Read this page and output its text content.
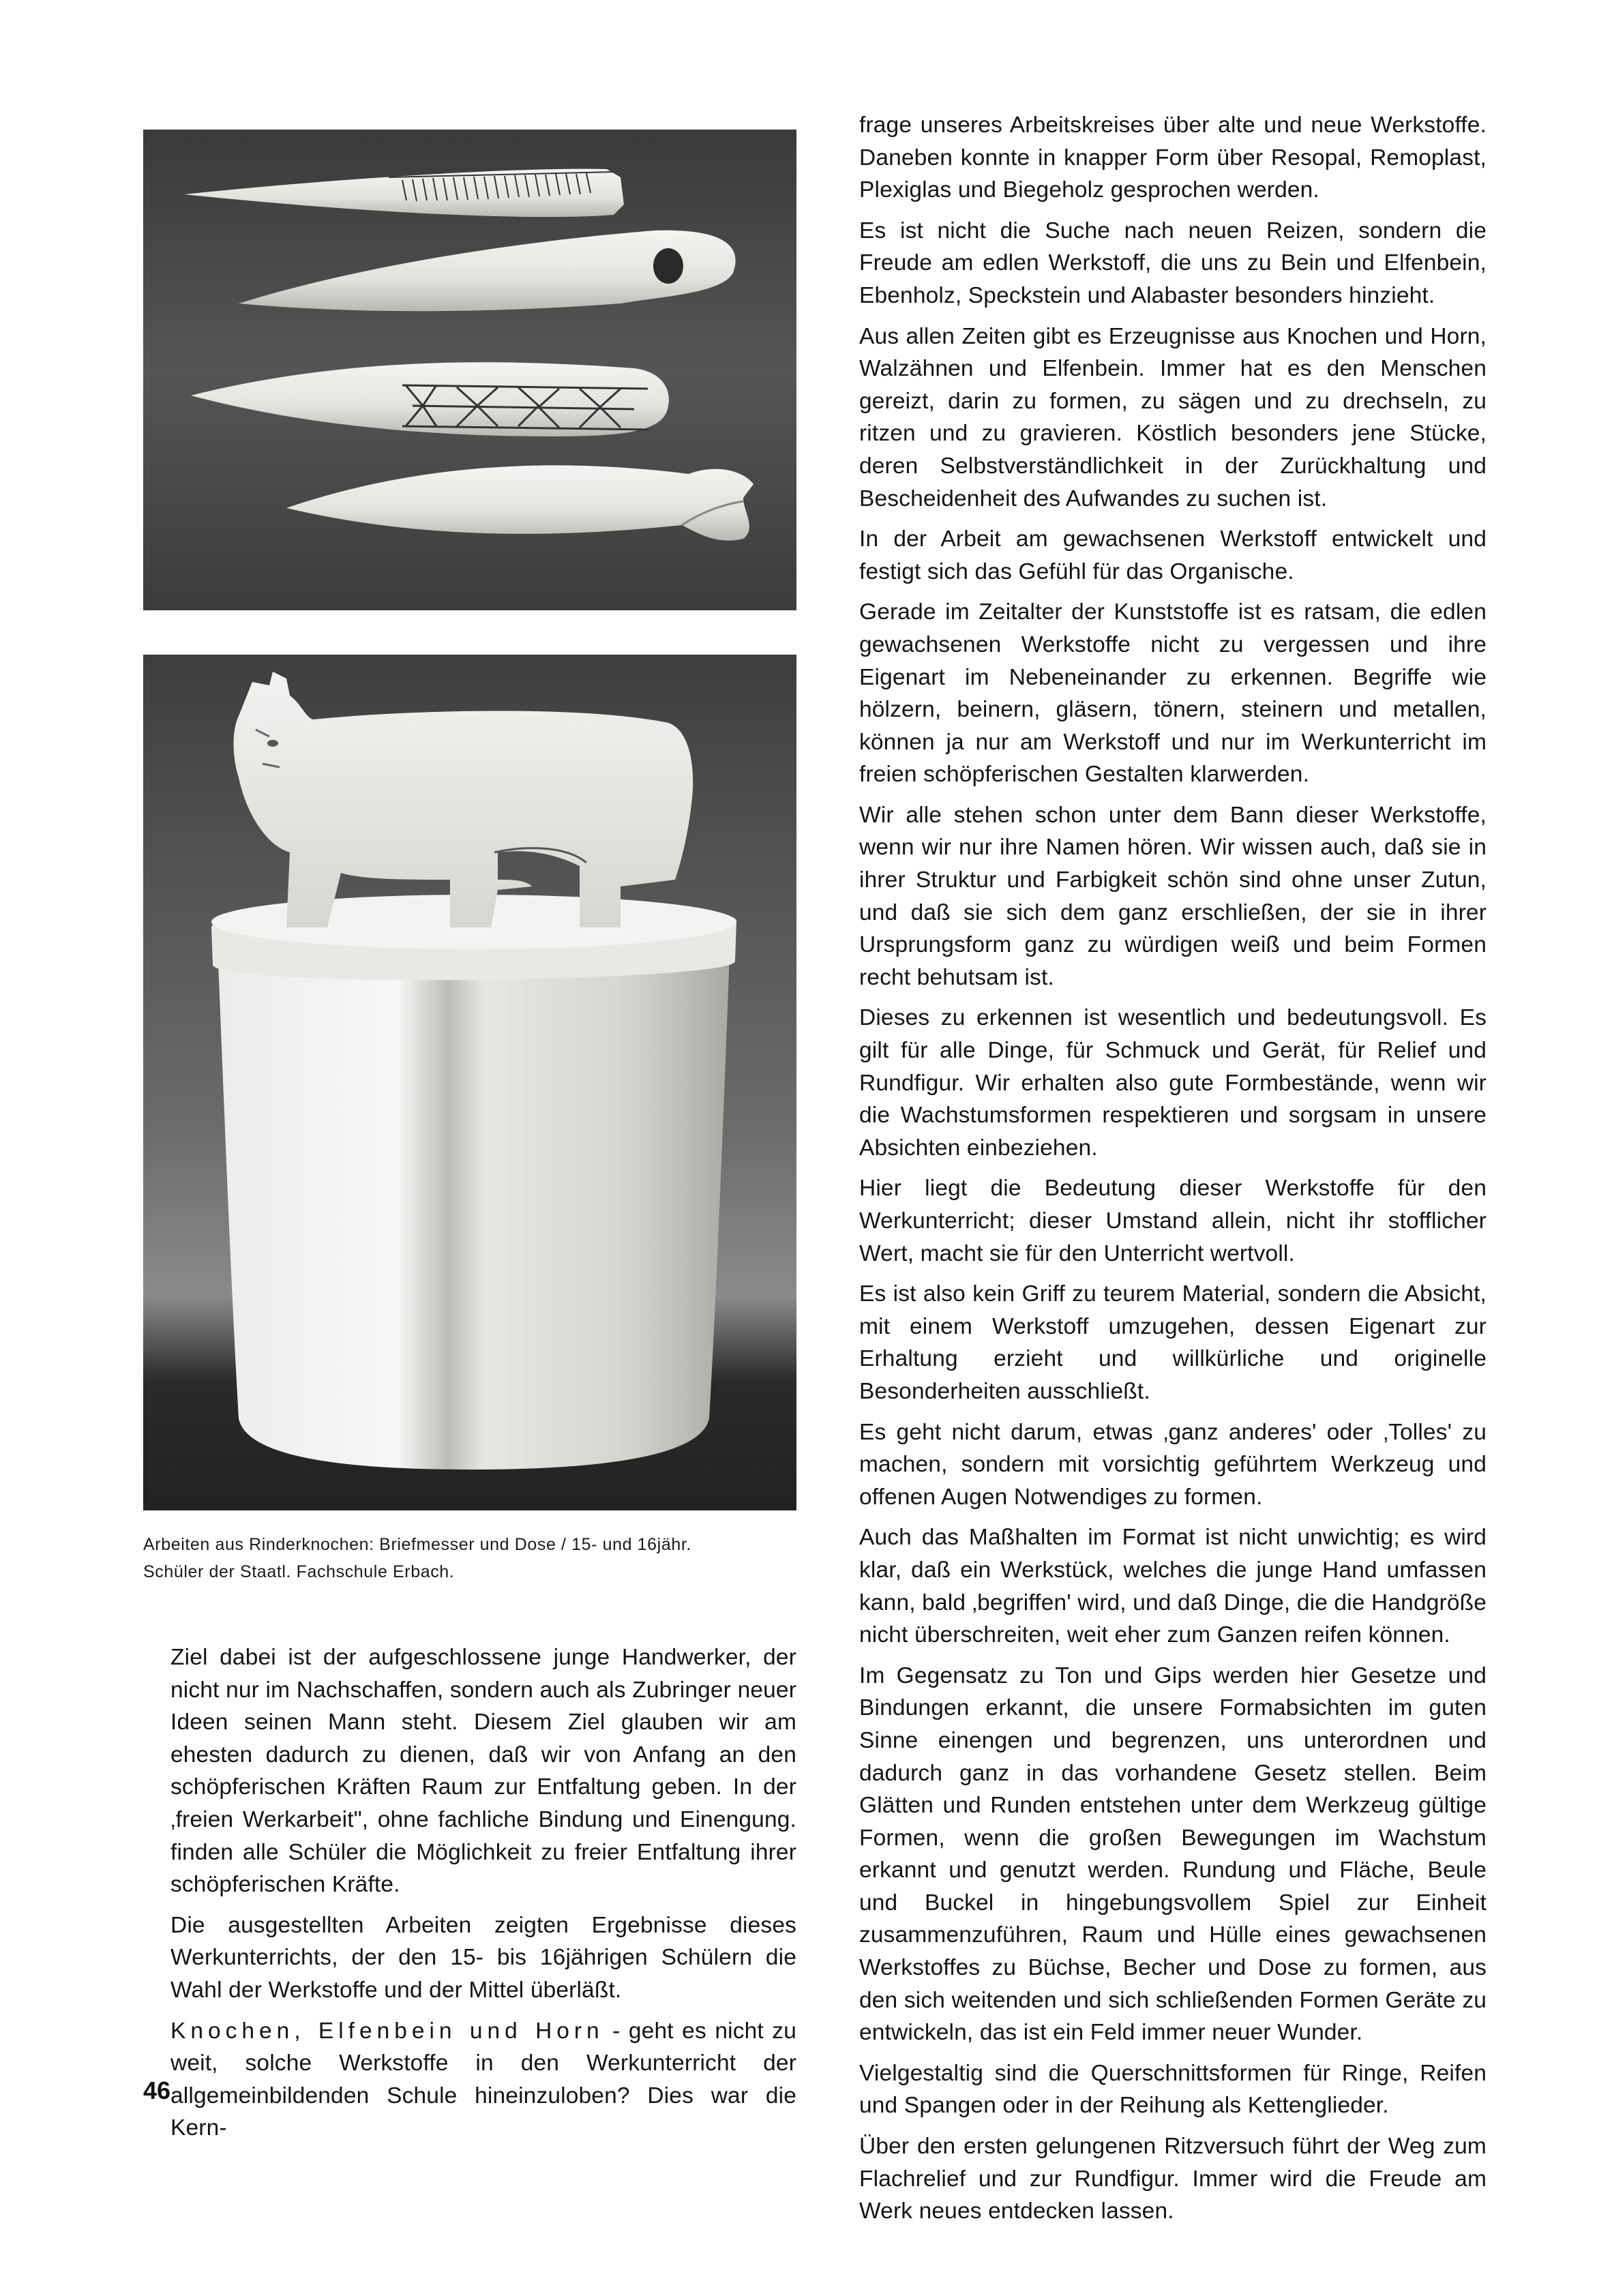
Arbeiten aus Rinderknochen: Briefmesser und Dose / 15- und 16jähr.
Schüler der Staatl. Fachschule Erbach.

Ziel dabei ist der aufgeschlossene junge Handwerker, der nicht nur im Nachschaffen, sondern auch als Zubringer neuer Ideen seinen Mann steht. Diesem Ziel glauben wir am ehesten dadurch zu dienen, daß wir von Anfang an den schöpferischen Kräften Raum zur Entfaltung geben. In der ‚freien Werkarbeit", ohne fachliche Bindung und Einengung. finden alle Schüler die Möglichkeit zu freier Entfaltung ihrer schöpferischen Kräfte.

Die ausgestellten Arbeiten zeigten Ergebnisse dieses Werkunterrichts, der den 15- bis 16jährigen Schülern die Wahl der Werkstoffe und der Mittel überläßt.

Knochen, Elfenbein und Horn - geht es nicht zu weit, solche Werkstoffe in den Werkunterricht der allgemeinbildenden Schule hineinzuloben? Dies war die Kern-

frage unseres Arbeitskreises über alte und neue Werkstoffe. Daneben konnte in knapper Form über Resopal, Remoplast, Plexiglas und Biegeholz gesprochen werden.

Es ist nicht die Suche nach neuen Reizen, sondern die Freude am edlen Werkstoff, die uns zu Bein und Elfenbein, Ebenholz, Speckstein und Alabaster besonders hinzieht.

Aus allen Zeiten gibt es Erzeugnisse aus Knochen und Horn, Walzähnen und Elfenbein. Immer hat es den Menschen gereizt, darin zu formen, zu sägen und zu drechseln, zu ritzen und zu gravieren. Köstlich besonders jene Stücke, deren Selbstverständlichkeit in der Zurückhaltung und Bescheidenheit des Aufwandes zu suchen ist.

In der Arbeit am gewachsenen Werkstoff entwickelt und festigt sich das Gefühl für das Organische.

Gerade im Zeitalter der Kunststoffe ist es ratsam, die edlen gewachsenen Werkstoffe nicht zu vergessen und ihre Eigenart im Nebeneinander zu erkennen. Begriffe wie hölzern, beinern, gläsern, tönern, steinern und metallen, können ja nur am Werkstoff und nur im Werkunterricht im freien schöpferischen Gestalten klarwerden.

Wir alle stehen schon unter dem Bann dieser Werkstoffe, wenn wir nur ihre Namen hören. Wir wissen auch, daß sie in ihrer Struktur und Farbigkeit schön sind ohne unser Zutun, und daß sie sich dem ganz erschließen, der sie in ihrer Ursprungsform ganz zu würdigen weiß und beim Formen recht behutsam ist.

Dieses zu erkennen ist wesentlich und bedeutungsvoll. Es gilt für alle Dinge, für Schmuck und Gerät, für Relief und Rundfigur. Wir erhalten also gute Formbestände, wenn wir die Wachstumsformen respektieren und sorgsam in unsere Absichten einbeziehen.

Hier liegt die Bedeutung dieser Werkstoffe für den Werkunterricht; dieser Umstand allein, nicht ihr stofflicher Wert, macht sie für den Unterricht wertvoll.

Es ist also kein Griff zu teurem Material, sondern die Absicht, mit einem Werkstoff umzugehen, dessen Eigenart zur Erhaltung erzieht und willkürliche und originelle Besonderheiten ausschließt.

Es geht nicht darum, etwas ‚ganz anderes' oder ‚Tolles' zu machen, sondern mit vorsichtig geführtem Werkzeug und offenen Augen Notwendiges zu formen.

Auch das Maßhalten im Format ist nicht unwichtig; es wird klar, daß ein Werkstück, welches die junge Hand umfassen kann, bald ‚begriffen' wird, und daß Dinge, die die Handgröße nicht überschreiten, weit eher zum Ganzen reifen können.

Im Gegensatz zu Ton und Gips werden hier Gesetze und Bindungen erkannt, die unsere Formabsichten im guten Sinne einengen und begrenzen, uns unterordnen und dadurch ganz in das vorhandene Gesetz stellen. Beim Glätten und Runden entstehen unter dem Werkzeug gültige Formen, wenn die großen Bewegungen im Wachstum erkannt und genutzt werden. Rundung und Fläche, Beule und Buckel in hingebungsvollem Spiel zur Einheit zusammenzuführen, Raum und Hülle eines gewachsenen Werkstoffes zu Büchse, Becher und Dose zu formen, aus den sich weitenden und sich schließenden Formen Geräte zu entwickeln, das ist ein Feld immer neuer Wunder.

Vielgestaltig sind die Querschnittsformen für Ringe, Reifen und Spangen oder in der Reihung als Kettenglieder.

Über den ersten gelungenen Ritzversuch führt der Weg zum Flachrelief und zur Rundfigur. Immer wird die Freude am Werk neues entdecken lassen.

46
